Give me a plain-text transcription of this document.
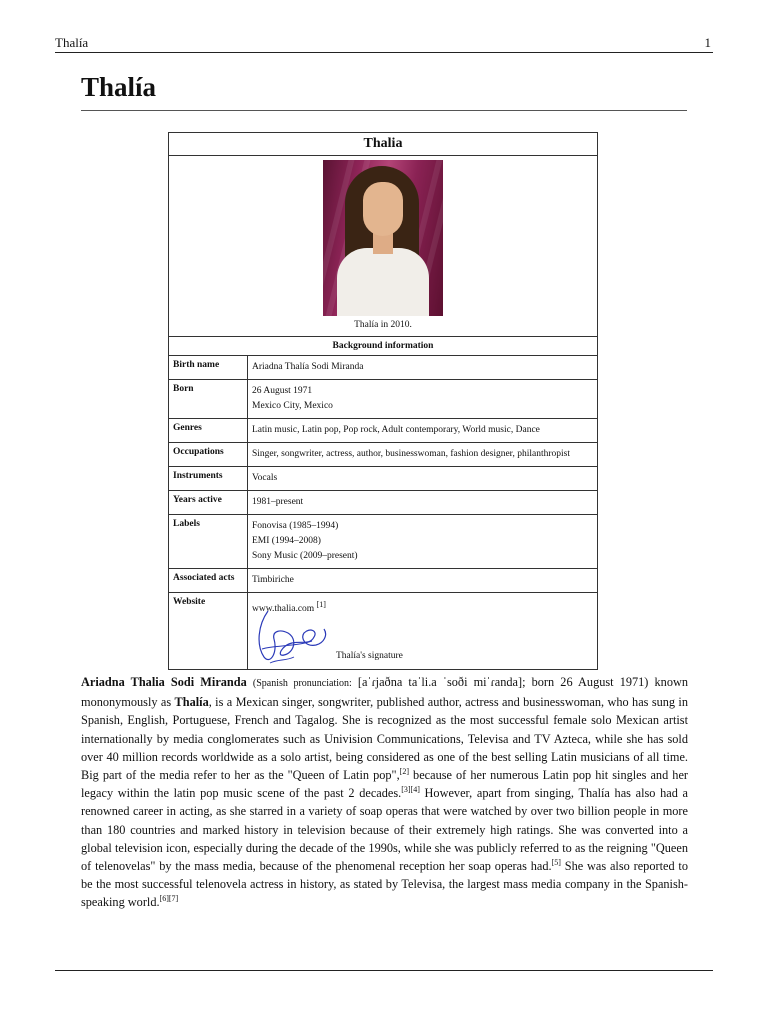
Thalía	1
Thalía
Thalia	

Thalía in 2010.	

Background information	
Birth name	Ariadna Thalía Sodi Miranda

Born	26 August 1971
Mexico City, Mexico

Genres	Latin music, Latin pop, Pop rock, Adult contemporary, World music, Dance

Occupations	Singer, songwriter, actress, author, businesswoman, fashion designer, philanthropist

Instruments	Vocals

Years active	1981–present

Labels	Fonovisa (1985–1994)
EMI (1994–2008)
Sony Music (2009–present)

Associated acts	Timbiriche

Website	www.thalia.com [1]
Thalía's signature

Ariadna Thalia Sodi Miranda (Spanish pronunciation: [aˈɾjaðna taˈli.a ˈsoði miˈɾanda]; born 26 August 1971) known mononymously as Thalía, is a Mexican singer, songwriter, published author, actress and businesswoman, who has sung in Spanish, English, Portuguese, French and Tagalog. She is recognized as the most successful female solo Mexican artist internationally by media conglomerates such as Univision Communications, Televisa and TV Azteca, while she has sold over 40 million records worldwide as a solo artist, being considered as one of the best selling Latin musicians of all time. Big part of the media refer to her as the "Queen of Latin pop",[2] because of her numerous Latin pop hit singles and her legacy within the latin pop music scene of the past 2 decades.[3][4] However, apart from singing, Thalía has also had a renowned career in acting, as she starred in a variety of soap operas that were watched by over two billion people in more than 180 countries and marked history in television because of their extremely high ratings. She was converted into a global television icon, especially during the decade of the 1990s, while she was publicly referred to as the reigning "Queen of telenovelas" by the mass media, because of the phenomenal reception her soap operas had.[5] She was also reported to be the most successful telenovela actress in history, as stated by Televisa, the largest mass media company in the Spanish-speaking world.[6][7]
